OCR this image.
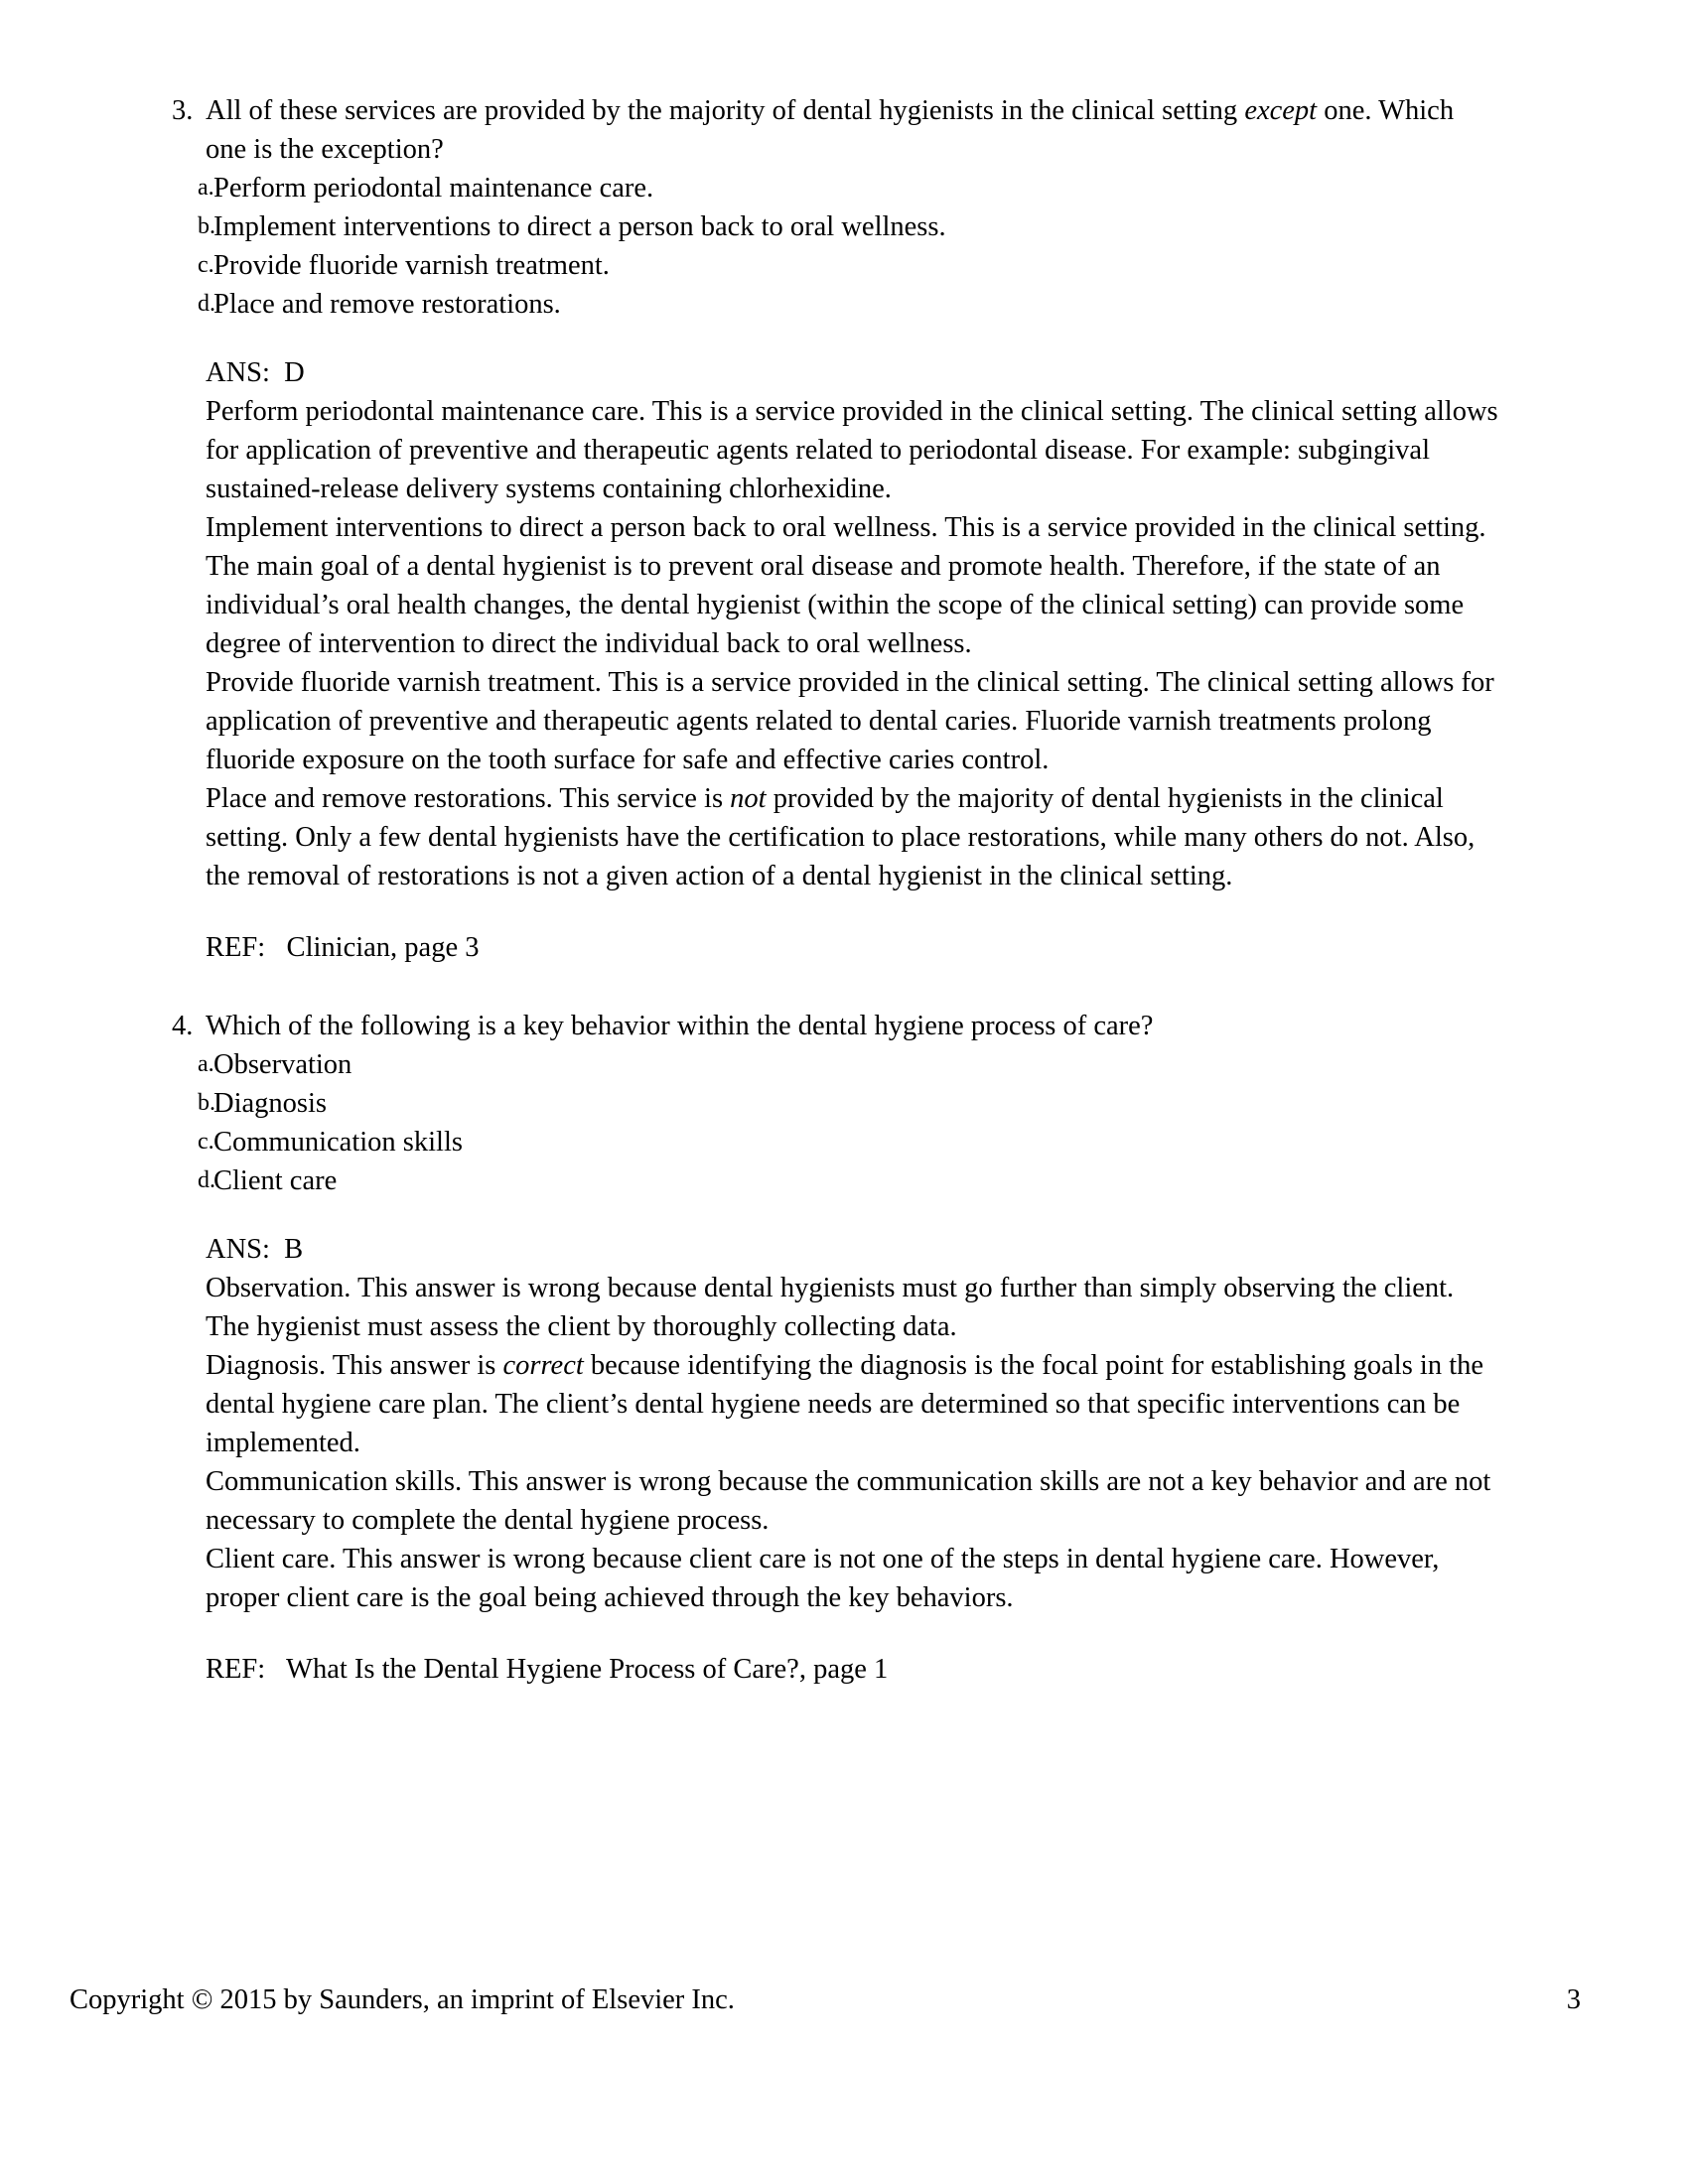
3. All of these services are provided by the majority of dental hygienists in the clinical setting except one. Which one is the exception?
a. Perform periodontal maintenance care.
b.
Implement interventions to direct a person back to oral wellness.
c. Provide fluoride varnish treatment.
d.
Place and remove restorations.
ANS:  D
Perform periodontal maintenance care. This is a service provided in the clinical setting. The clinical setting allows for application of preventive and therapeutic agents related to periodontal disease. For example: subgingival sustained-release delivery systems containing chlorhexidine.
Implement interventions to direct a person back to oral wellness. This is a service provided in the clinical setting. The main goal of a dental hygienist is to prevent oral disease and promote health. Therefore, if the state of an individual’s oral health changes, the dental hygienist (within the scope of the clinical setting) can provide some degree of intervention to direct the individual back to oral wellness.
Provide fluoride varnish treatment. This is a service provided in the clinical setting. The clinical setting allows for application of preventive and therapeutic agents related to dental caries. Fluoride varnish treatments prolong fluoride exposure on the tooth surface for safe and effective caries control.
Place and remove restorations. This service is not provided by the majority of dental hygienists in the clinical setting. Only a few dental hygienists have the certification to place restorations, while many others do not. Also, the removal of restorations is not a given action of a dental hygienist in the clinical setting.
REF:   Clinician, page 3
4. Which of the following is a key behavior within the dental hygiene process of care?
a. Observation
b.
Diagnosis
c. Communication skills
d.
Client care
ANS:  B
Observation. This answer is wrong because dental hygienists must go further than simply observing the client. The hygienist must assess the client by thoroughly collecting data.
Diagnosis. This answer is correct because identifying the diagnosis is the focal point for establishing goals in the dental hygiene care plan. The client’s dental hygiene needs are determined so that specific interventions can be implemented.
Communication skills. This answer is wrong because the communication skills are not a key behavior and are not necessary to complete the dental hygiene process.
Client care. This answer is wrong because client care is not one of the steps in dental hygiene care. However, proper client care is the goal being achieved through the key behaviors.
REF:   What Is the Dental Hygiene Process of Care?, page 1
Copyright © 2015 by Saunders, an imprint of Elsevier Inc.	3
